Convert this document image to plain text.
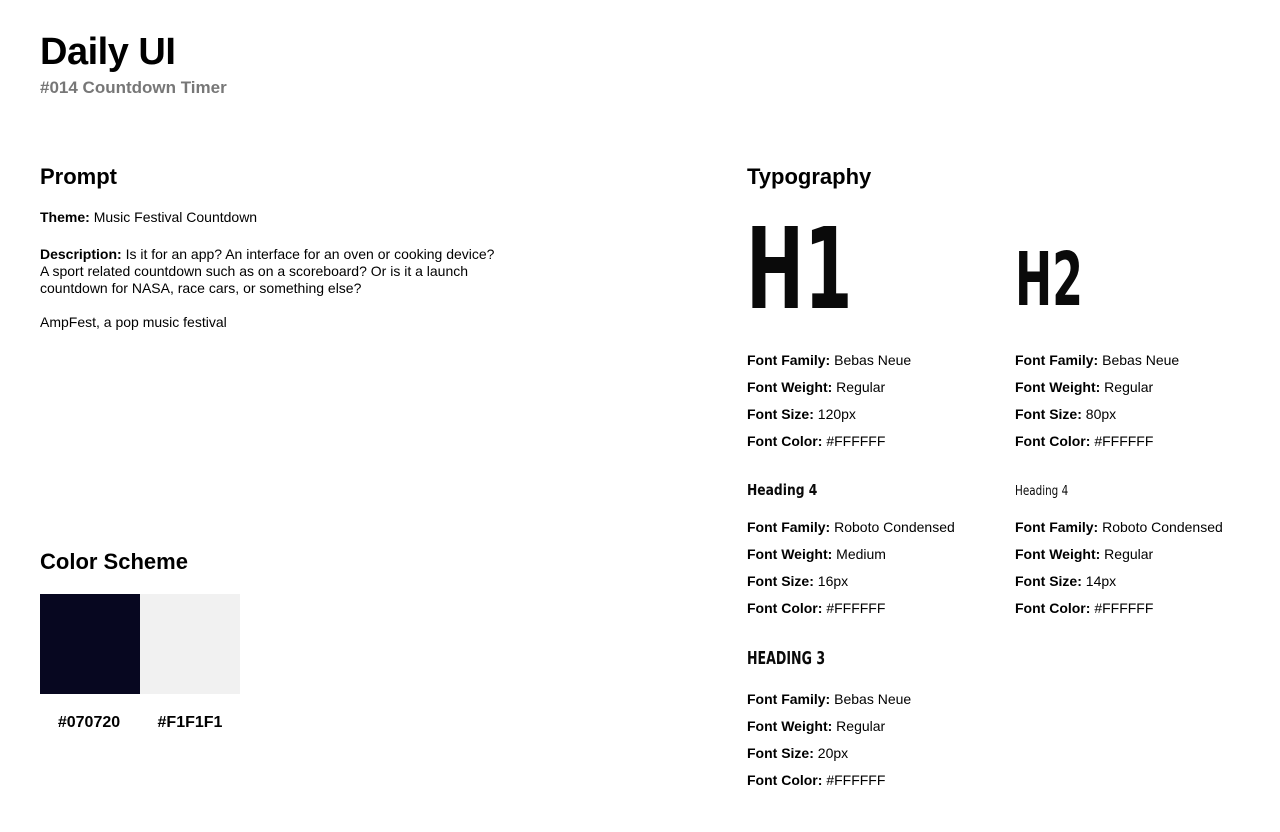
Daily UI
#014 Countdown Timer
Prompt
Theme: Music Festival Countdown
Description: Is it for an app? An interface for an oven or cooking device? A sport related countdown such as on a scoreboard? Or is it a launch countdown for NASA, race cars, or something else?
AmpFest, a pop music festival
Color Scheme
#070720	#F1F1F1
Typography
H1 H2
Heading 4	Heading 4
HEADING 3
Font Family: Bebas Neue
Font Weight: Regular
Font Size: 120px
Font Color: #FFFFFF
Font Family: Bebas Neue
Font Weight: Regular
Font Size: 80px
Font Color: #FFFFFF
Font Family: Roboto Condensed
Font Weight: Medium
Font Size: 16px
Font Color: #FFFFFF
Font Family: Roboto Condensed
Font Weight: Regular
Font Size: 14px
Font Color: #FFFFFF
Font Family: Bebas Neue
Font Weight: Regular
Font Size: 20px
Font Color: #FFFFFF
